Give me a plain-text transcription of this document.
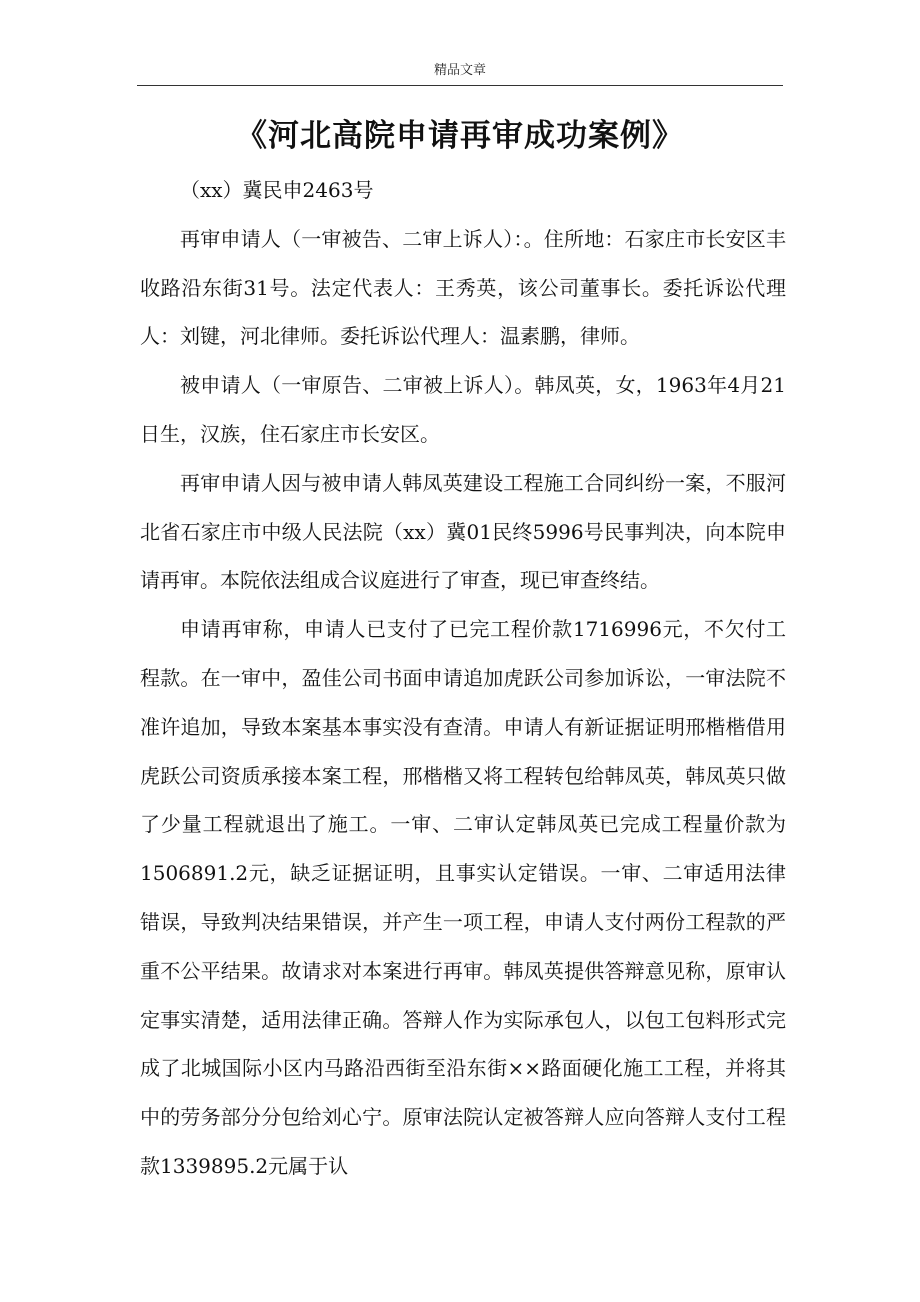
精品文章
《河北高院申请再审成功案例》

（xx）冀民申2463号

再审申请人（一审被告、二审上诉人）：。住所地：石家庄市长安区丰收路沿东街31号。法定代表人：王秀英，该公司董事长。委托诉讼代理人：刘键，河北律师。委托诉讼代理人：温素鹏，律师。

被申请人（一审原告、二审被上诉人）。韩凤英，女，1963年4月21日生，汉族，住石家庄市长安区。

再审申请人因与被申请人韩凤英建设工程施工合同纠纷一案，不服河北省石家庄市中级人民法院（xx）冀01民终5996号民事判决，向本院申请再审。本院依法组成合议庭进行了审查，现已审查终结。

申请再审称，申请人已支付了已完工程价款1716996元，不欠付工程款。在一审中，盈佳公司书面申请追加虎跃公司参加诉讼，一审法院不准许追加，导致本案基本事实没有查清。申请人有新证据证明邢楷楷借用虎跃公司资质承接本案工程，邢楷楷又将工程转包给韩凤英，韩凤英只做了少量工程就退出了施工。一审、二审认定韩凤英已完成工程量价款为1506891.2元，缺乏证据证明，且事实认定错误。一审、二审适用法律错误，导致判决结果错误，并产生一项工程，申请人支付两份工程款的严重不公平结果。故请求对本案进行再审。韩凤英提供答辩意见称，原审认定事实清楚，适用法律正确。答辩人作为实际承包人，以包工包料形式完成了北城国际小区内马路沿西街至沿东街××路面硬化施工工程，并将其中的劳务部分分包给刘心宁。原审法院认定被答辩人应向答辩人支付工程款1339895.2元属于认
